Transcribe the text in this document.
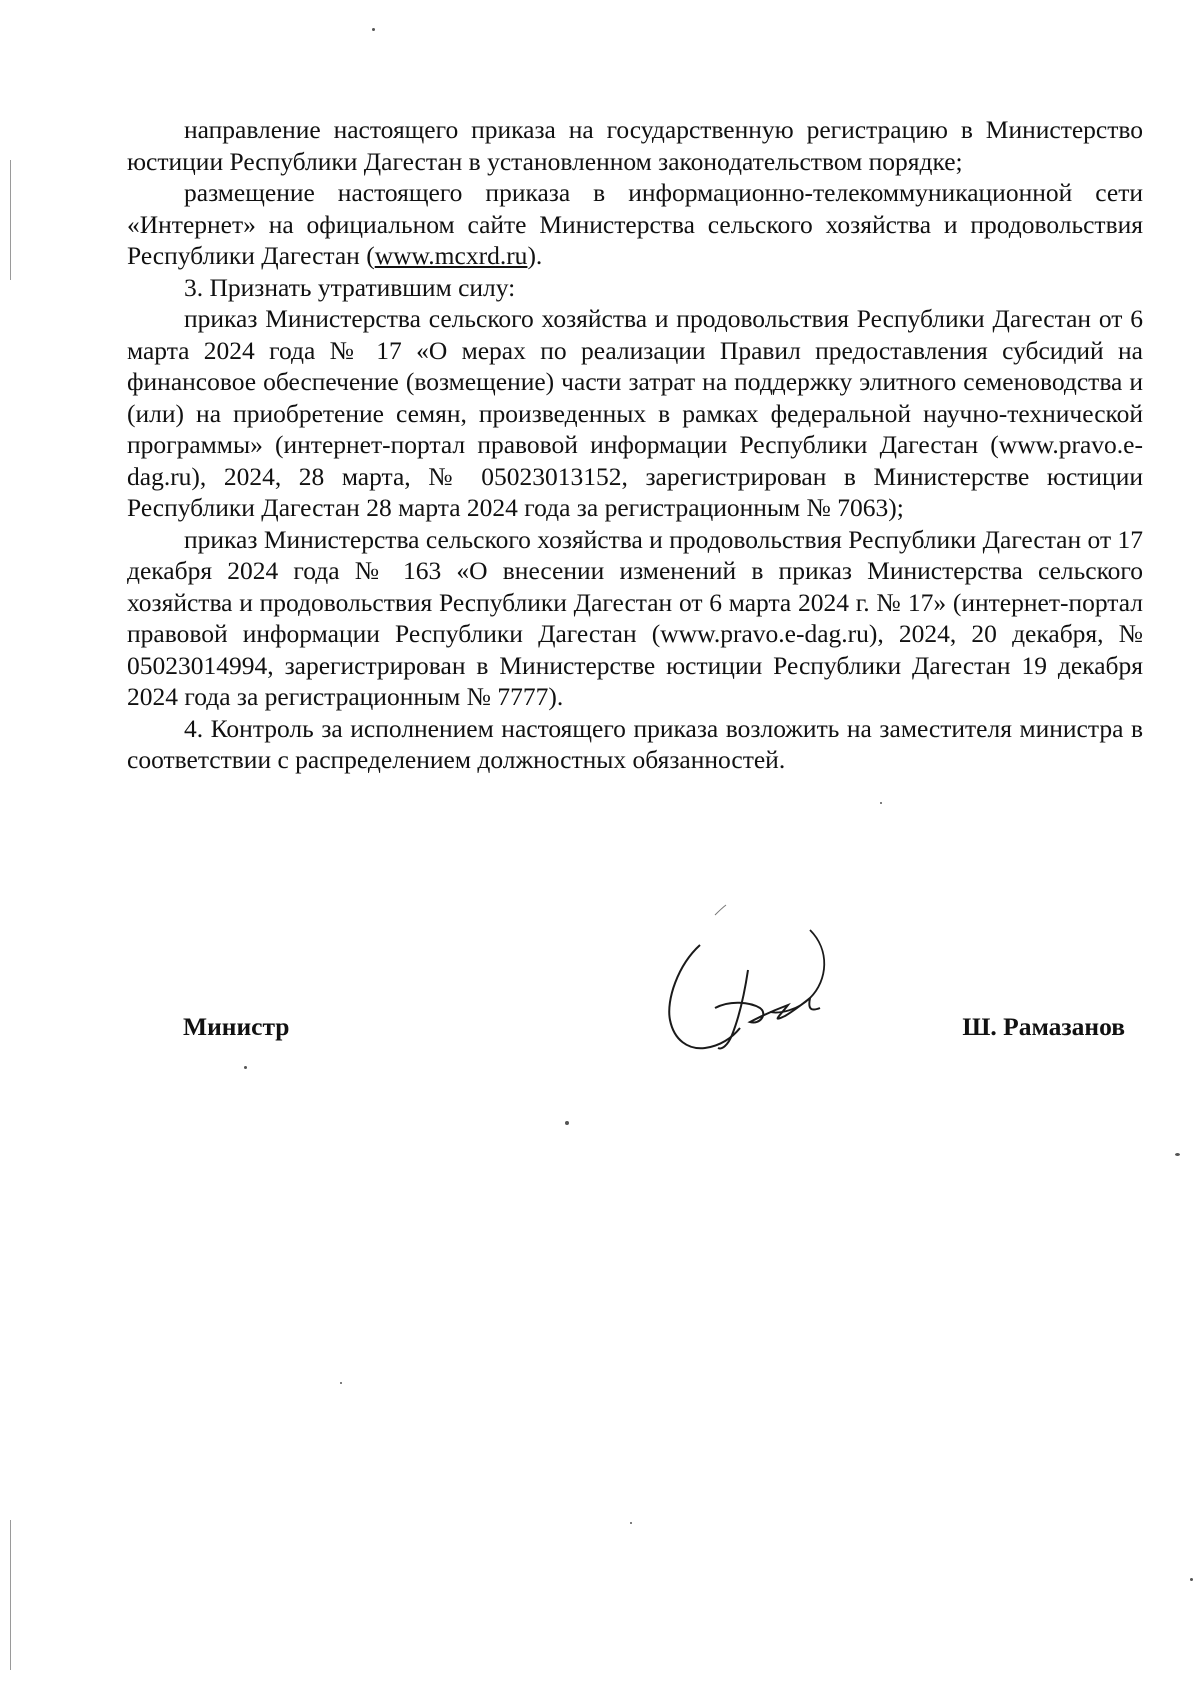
направление настоящего приказа на государственную регистрацию в Министерство юстиции Республики Дагестан в установленном законодательством порядке;

размещение настоящего приказа в информационно-телекоммуникационной сети «Интернет» на официальном сайте Министерства сельского хозяйства и продовольствия Республики Дагестан (www.mcxrd.ru).

3. Признать утратившим силу:

приказ Министерства сельского хозяйства и продовольствия Республики Дагестан от 6 марта 2024 года № 17 «О мерах по реализации Правил предоставления субсидий на финансовое обеспечение (возмещение) части затрат на поддержку элитного семеноводства и (или) на приобретение семян, произведенных в рамках федеральной научно-технической программы» (интернет-портал правовой информации Республики Дагестан (www.pravo.e-dag.ru), 2024, 28 марта, № 05023013152, зарегистрирован в Министерстве юстиции Республики Дагестан 28 марта 2024 года за регистрационным № 7063);

приказ Министерства сельского хозяйства и продовольствия Республики Дагестан от 17 декабря 2024 года № 163 «О внесении изменений в приказ Министерства сельского хозяйства и продовольствия Республики Дагестан от 6 марта 2024 г. № 17» (интернет-портал правовой информации Республики Дагестан (www.pravo.e-dag.ru), 2024, 20 декабря, № 05023014994, зарегистрирован в Министерстве юстиции Республики Дагестан 19 декабря 2024 года за регистрационным № 7777).

4. Контроль за исполнением настоящего приказа возложить на заместителя министра в соответствии с распределением должностных обязанностей.

Министр	Ш. Рамазанов
